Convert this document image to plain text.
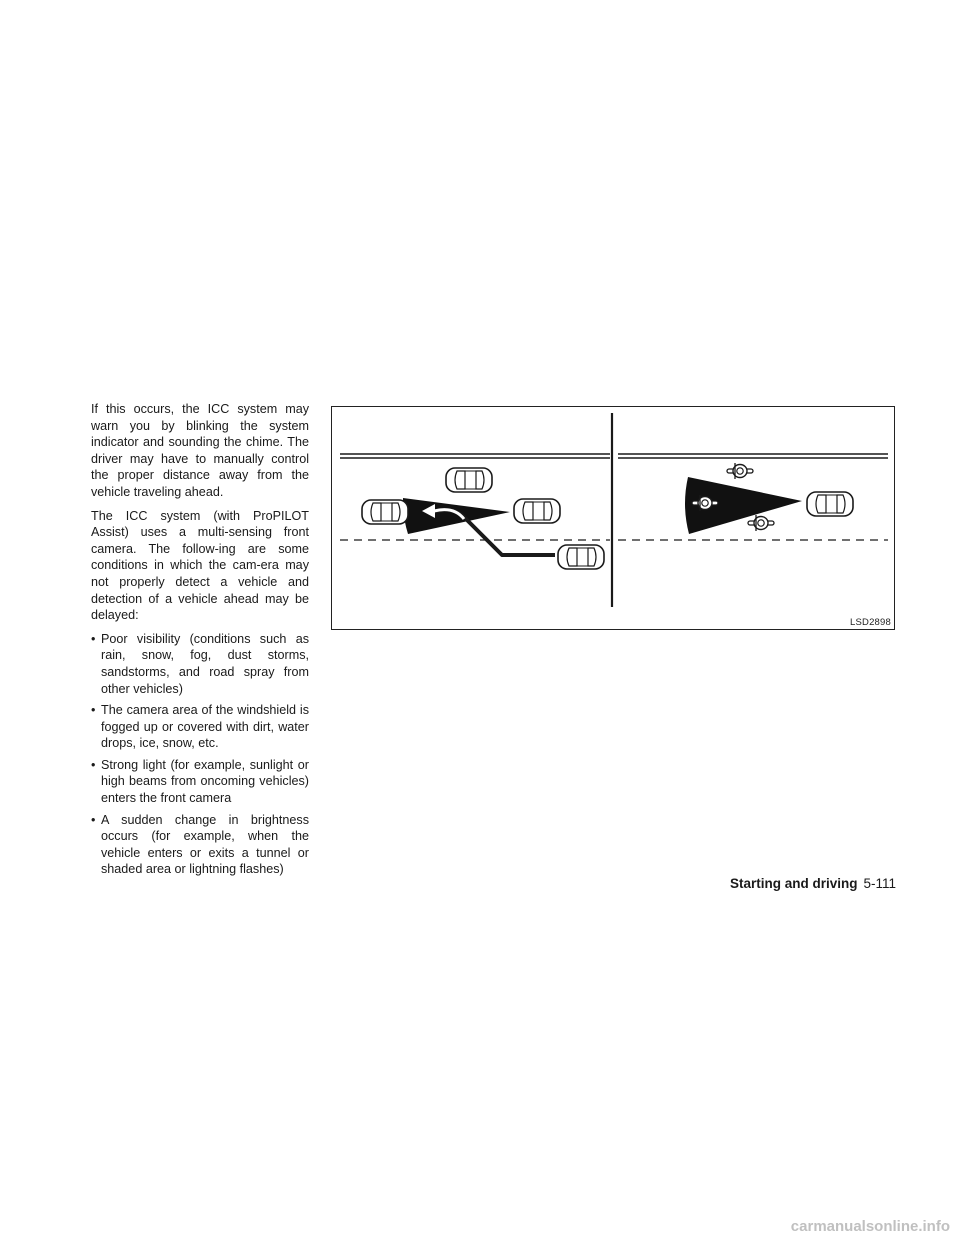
If this occurs, the ICC system may warn you by blinking the system indicator and sounding the chime. The driver may have to manually control the proper distance away from the vehicle traveling ahead.

The ICC system (with ProPILOT Assist) uses a multi-sensing front camera. The follow-ing are some conditions in which the cam-era may not properly detect a vehicle and detection of a vehicle ahead may be delayed:

• Poor visibility (conditions such as rain, snow, fog, dust storms, sandstorms, and road spray from other vehicles)
• The camera area of the windshield is fogged up or covered with dirt, water drops, ice, snow, etc.
• Strong light (for example, sunlight or high beams from oncoming vehicles) enters the front camera
• A sudden change in brightness occurs (for example, when the vehicle enters or exits a tunnel or shaded area or lightning flashes)
LSD2898
Starting and driving 5-111
carmanualsonline.info
